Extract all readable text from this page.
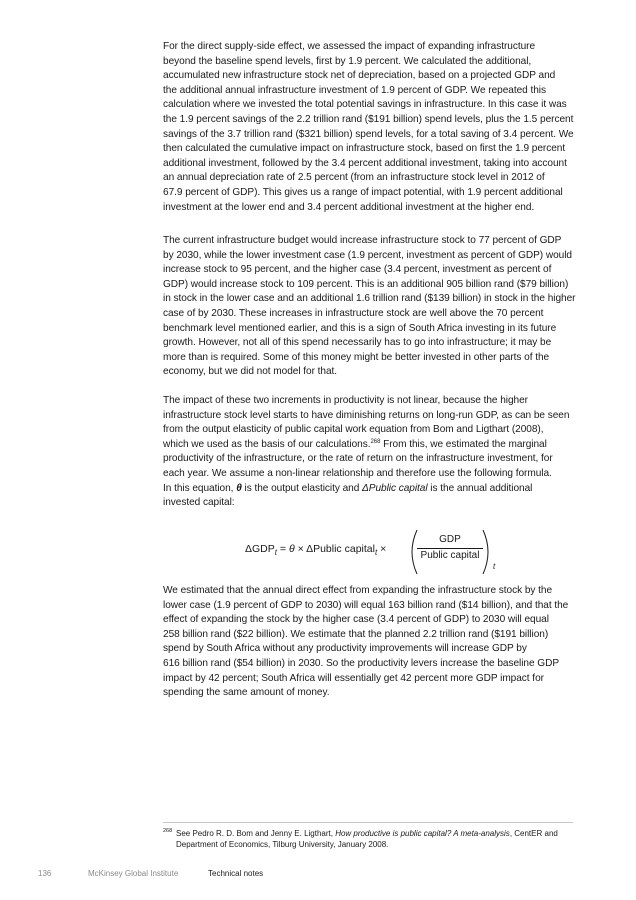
For the direct supply-side effect, we assessed the impact of expanding infrastructure
beyond the baseline spend levels, first by 1.9 percent. We calculated the additional,
accumulated new infrastructure stock net of depreciation, based on a projected GDP and
the additional annual infrastructure investment of 1.9 percent of GDP. We repeated this
calculation where we invested the total potential savings in infrastructure. In this case it was
the 1.9 percent savings of the 2.2 trillion rand ($191 billion) spend levels, plus the 1.5 percent
savings of the 3.7 trillion rand ($321 billion) spend levels, for a total saving of 3.4 percent. We
then calculated the cumulative impact on infrastructure stock, based on first the 1.9 percent
additional investment, followed by the 3.4 percent additional investment, taking into account
an annual depreciation rate of 2.5 percent (from an infrastructure stock level in 2012 of
67.9 percent of GDP). This gives us a range of impact potential, with 1.9 percent additional
investment at the lower end and 3.4 percent additional investment at the higher end.
The current infrastructure budget would increase infrastructure stock to 77 percent of GDP
by 2030, while the lower investment case (1.9 percent, investment as percent of GDP) would
increase stock to 95 percent, and the higher case (3.4 percent, investment as percent of
GDP) would increase stock to 109 percent. This is an additional 905 billion rand ($79 billion)
in stock in the lower case and an additional 1.6 trillion rand ($139 billion) in stock in the higher
case of by 2030. These increases in infrastructure stock are well above the 70 percent
benchmark level mentioned earlier, and this is a sign of South Africa investing in its future
growth. However, not all of this spend necessarily has to go into infrastructure; it may be
more than is required. Some of this money might be better invested in other parts of the
economy, but we did not model for that.
The impact of these two increments in productivity is not linear, because the higher
infrastructure stock level starts to have diminishing returns on long-run GDP, as can be seen
from the output elasticity of public capital work equation from Bom and Ligthart (2008),
which we used as the basis of our calculations.$^{268}$ From this, we estimated the marginal
productivity of the infrastructure, or the rate of return on the infrastructure investment, for
each year. We assume a non-linear relationship and therefore use the following formula.
In this equation, θ is the output elasticity and ΔPublic capital is the annual additional
invested capital:
$\Delta GDP_t = \theta$ × ΔPublic capital$_t$ ×
GDP
Public capital
t
We estimated that the annual direct effect from expanding the infrastructure stock by the
lower case (1.9 percent of GDP to 2030) will equal 163 billion rand ($14 billion), and that the
effect of expanding the stock by the higher case (3.4 percent of GDP) to 2030 will equal
258 billion rand ($22 billion). We estimate that the planned 2.2 trillion rand ($191 billion)
spend by South Africa without any productivity improvements will increase GDP by
616 billion rand ($54 billion) in 2030. So the productivity levers increase the baseline GDP
impact by 42 percent; South Africa will essentially get 42 percent more GDP impact for
spending the same amount of money.
268 See Pedro R. D. Bom and Jenny E. Ligthart, How productive is public capital? A meta-analysis, CentER and
Department of Economics, Tilburg University, January 2008.
136	McKinsey Global Institute	Technical notes
